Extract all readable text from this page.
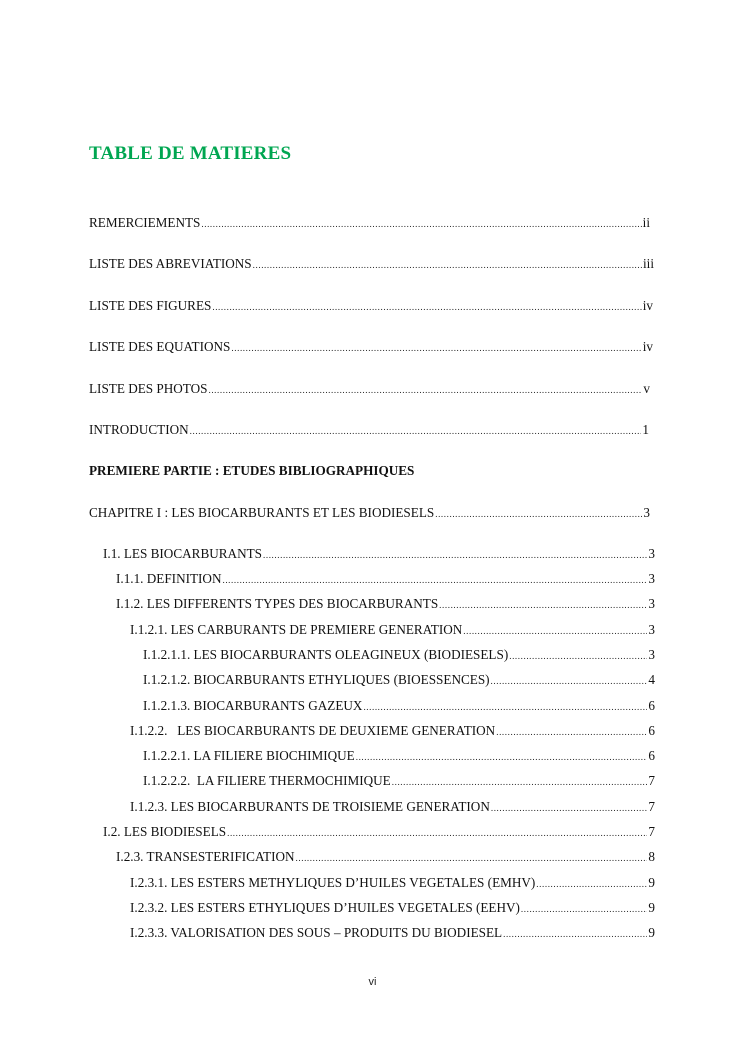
TABLE DE MATIERES
REMERCIEMENTS .....	ii
LISTE DES ABREVIATIONS .....	iii
LISTE DES FIGURES .....	iv
LISTE DES EQUATIONS .....	iv
LISTE DES PHOTOS .....	v
INTRODUCTION .....	1
PREMIERE PARTIE : ETUDES BIBLIOGRAPHIQUES
CHAPITRE I : LES BIOCARBURANTS ET LES BIODIESELS .....	3
I.1. LES BIOCARBURANTS .....	3
I.1.1. DEFINITION .....	3
I.1.2. LES DIFFERENTS TYPES DES BIOCARBURANTS .....	3
I.1.2.1. LES CARBURANTS DE PREMIERE GENERATION .....	3
I.1.2.1.1. LES BIOCARBURANTS OLEAGINEUX (BIODIESELS) .....	3
I.1.2.1.2. BIOCARBURANTS ETHYLIQUES (BIOESSENCES) .....	4
I.1.2.1.3. BIOCARBURANTS GAZEUX .....	6
I.1.2.2.   LES BIOCARBURANTS DE DEUXIEME GENERATION .....	6
I.1.2.2.1. LA FILIERE BIOCHIMIQUE .....	6
I.1.2.2.2.  LA FILIERE THERMOCHIMIQUE .....	7
I.1.2.3. LES BIOCARBURANTS DE TROISIEME GENERATION .....	7
I.2. LES BIODIESELS .....	7
I.2.3. TRANSESTERIFICATION .....	8
I.2.3.1. LES ESTERS METHYLIQUES D’HUILES VEGETALES (EMHV) .....	9
I.2.3.2. LES ESTERS ETHYLIQUES D’HUILES VEGETALES (EEHV) .....	9
I.2.3.3. VALORISATION DES SOUS – PRODUITS DU BIODIESEL .....	9
vi
